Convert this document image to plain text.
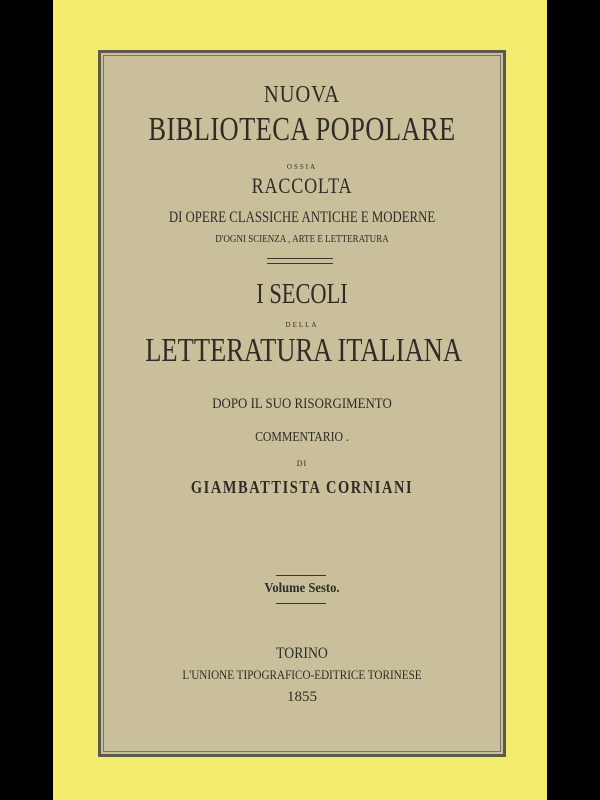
NUOVA

BIBLIOTECA POPOLARE

OSSIA

RACCOLTA

DI OPERE CLASSICHE ANTICHE E MODERNE

D'OGNI SCIENZA , ARTE E LETTERATURA

I SECOLI

DELLA

LETTERATURA ITALIANA

DOPO IL SUO RISORGIMENTO

COMMENTARIO .

DI

GIAMBATTISTA CORNIANI

Volume Sesto.

TORINO

L'UNIONE TIPOGRAFICO-EDITRICE TORINESE

1855
